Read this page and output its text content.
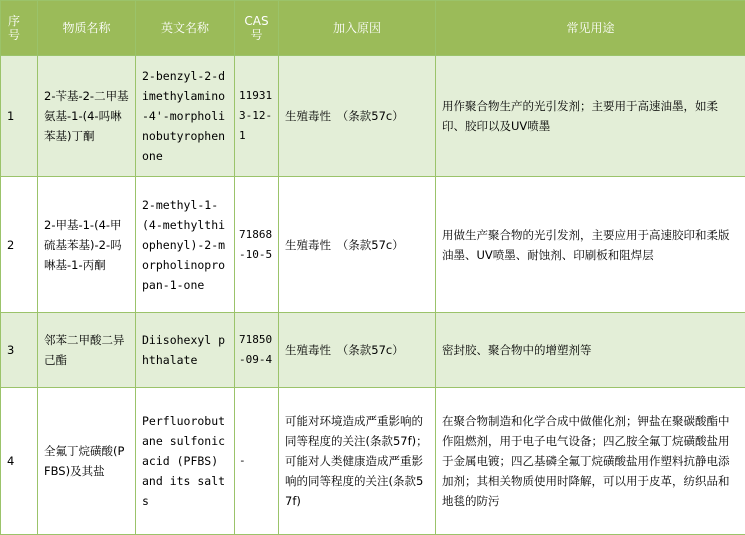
序号	物质名称	英文名称	CAS号	加入原因	常见用途
1	2-苄基-2-二甲基氨基-1-(4-吗啉苯基)丁酮	2-benzyl-2-dimethylamino-4'-morpholinobutyrophenone	119313-12-1	生殖毒性　（条款57c）	用作聚合物生产的光引发剂；主要用于高速油墨，如柔印、胶印以及UV喷墨
2	2-甲基-1-(4-甲硫基苯基)-2-吗啉基-1-丙酮	2-methyl-1-(4-methylthiophenyl)-2-morpholinopropan-1-one	71868-10-5	生殖毒性　（条款57c）	用做生产聚合物的光引发剂，主要应用于高速胶印和柔版油墨、UV喷墨、耐蚀剂、印刷板和阻焊层
3	邻苯二甲酸二异己酯	Diisohexyl phthalate	71850-09-4	生殖毒性　（条款57c）	密封胶、聚合物中的增塑剂等
4	全氟丁烷磺酸(PFBS)及其盐	Perfluorobutane sulfonic acid (PFBS) and its salts	-	可能对环境造成严重影响的同等程度的关注(条款57f)；可能对人类健康造成严重影响的同等程度的关注(条款57f)	在聚合物制造和化学合成中做催化剂；钾盐在聚碳酸酯中作阻燃剂，用于电子电气设备；四乙胺全氟丁烷磺酸盐用于金属电镀；四乙基磷全氟丁烷磺酸盐用作塑料抗静电添加剂；其相关物质使用时降解，可以用于皮革，纺织品和地毯的防污
